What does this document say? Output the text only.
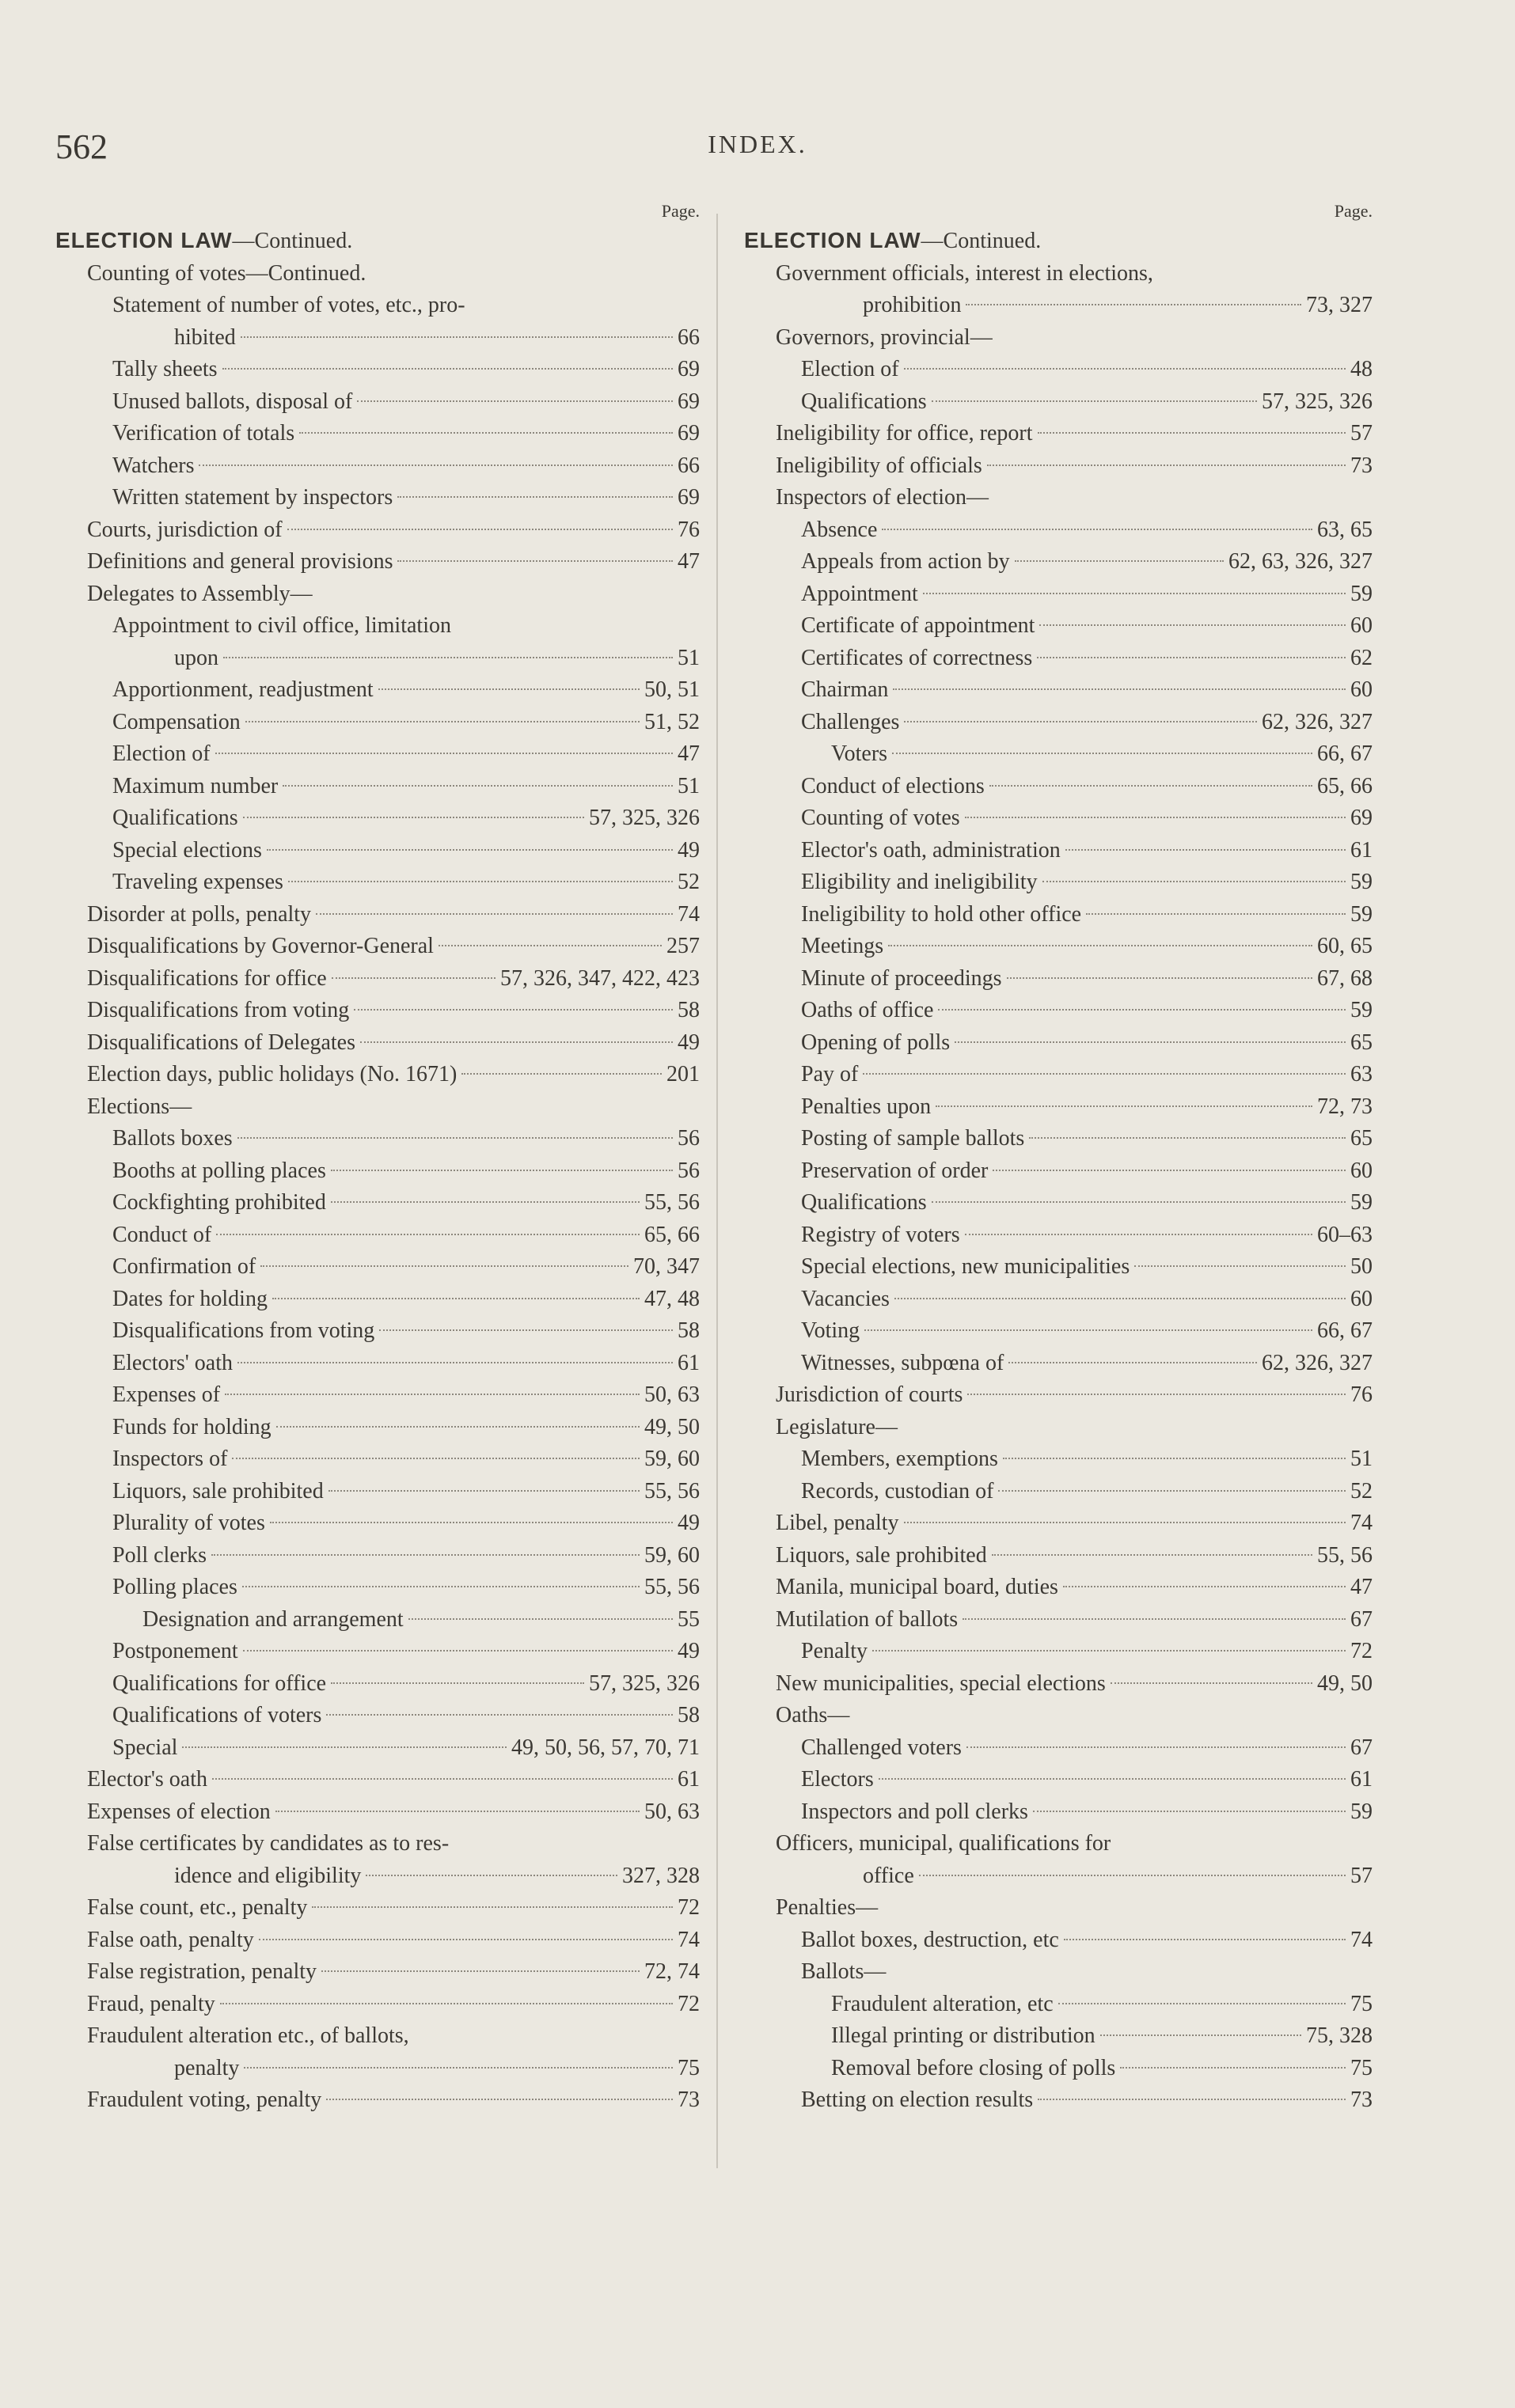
562	INDEX.
Page.
ELECTION LAW—Continued.
Counting of votes—Continued.
Statement of number of votes, etc., pro-
hibited	66
Tally sheets	69
Unused ballots, disposal of	69
Verification of totals	69
Watchers	66
Written statement by inspectors	69
Courts, jurisdiction of	76
Definitions and general provisions	47
Delegates to Assembly—
Appointment to civil office, limitation
upon	51
Apportionment, readjustment	50, 51
Compensation	51, 52
Election of	47
Maximum number	51
Qualifications	57, 325, 326
Special elections	49
Traveling expenses	52
Disorder at polls, penalty	74
Disqualifications by Governor-General	257
Disqualifications for office	57, 326, 347, 422, 423
Disqualifications from voting	58
Disqualifications of Delegates	49
Election days, public holidays (No. 1671)	201
Elections—
Ballots boxes	56
Booths at polling places	56
Cockfighting prohibited	55, 56
Conduct of	65, 66
Confirmation of	70, 347
Dates for holding	47, 48
Disqualifications from voting	58
Electors' oath	61
Expenses of	50, 63
Funds for holding	49, 50
Inspectors of	59, 60
Liquors, sale prohibited	55, 56
Plurality of votes	49
Poll clerks	59, 60
Polling places	55, 56
Designation and arrangement	55
Postponement	49
Qualifications for office	57, 325, 326
Qualifications of voters	58
Special	49, 50, 56, 57, 70, 71
Elector's oath	61
Expenses of election	50, 63
False certificates by candidates as to res-
idence and eligibility	327, 328
False count, etc., penalty	72
False oath, penalty	74
False registration, penalty	72, 74
Fraud, penalty	72
Fraudulent alteration etc., of ballots,
penalty	75
Fraudulent voting, penalty	73
Page.
ELECTION LAW—Continued.
Government officials, interest in elections,
prohibition	73, 327
Governors, provincial—
Election of	48
Qualifications	57, 325, 326
Ineligibility for office, report	57
Ineligibility of officials	73
Inspectors of election—
Absence	63, 65
Appeals from action by	62, 63, 326, 327
Appointment	59
Certificate of appointment	60
Certificates of correctness	62
Chairman	60
Challenges	62, 326, 327
Voters	66, 67
Conduct of elections	65, 66
Counting of votes	69
Elector's oath, administration	61
Eligibility and ineligibility	59
Ineligibility to hold other office	59
Meetings	60, 65
Minute of proceedings	67, 68
Oaths of office	59
Opening of polls	65
Pay of	63
Penalties upon	72, 73
Posting of sample ballots	65
Preservation of order	60
Qualifications	59
Registry of voters	60–63
Special elections, new municipalities	50
Vacancies	60
Voting	66, 67
Witnesses, subpœna of	62, 326, 327
Jurisdiction of courts	76
Legislature—
Members, exemptions	51
Records, custodian of	52
Libel, penalty	74
Liquors, sale prohibited	55, 56
Manila, municipal board, duties	47
Mutilation of ballots	67
Penalty	72
New municipalities, special elections	49, 50
Oaths—
Challenged voters	67
Electors	61
Inspectors and poll clerks	59
Officers, municipal, qualifications for
office	57
Penalties—
Ballot boxes, destruction, etc	74
Ballots—
Fraudulent alteration, etc	75
Illegal printing or distribution	75, 328
Removal before closing of polls	75
Betting on election results	73
